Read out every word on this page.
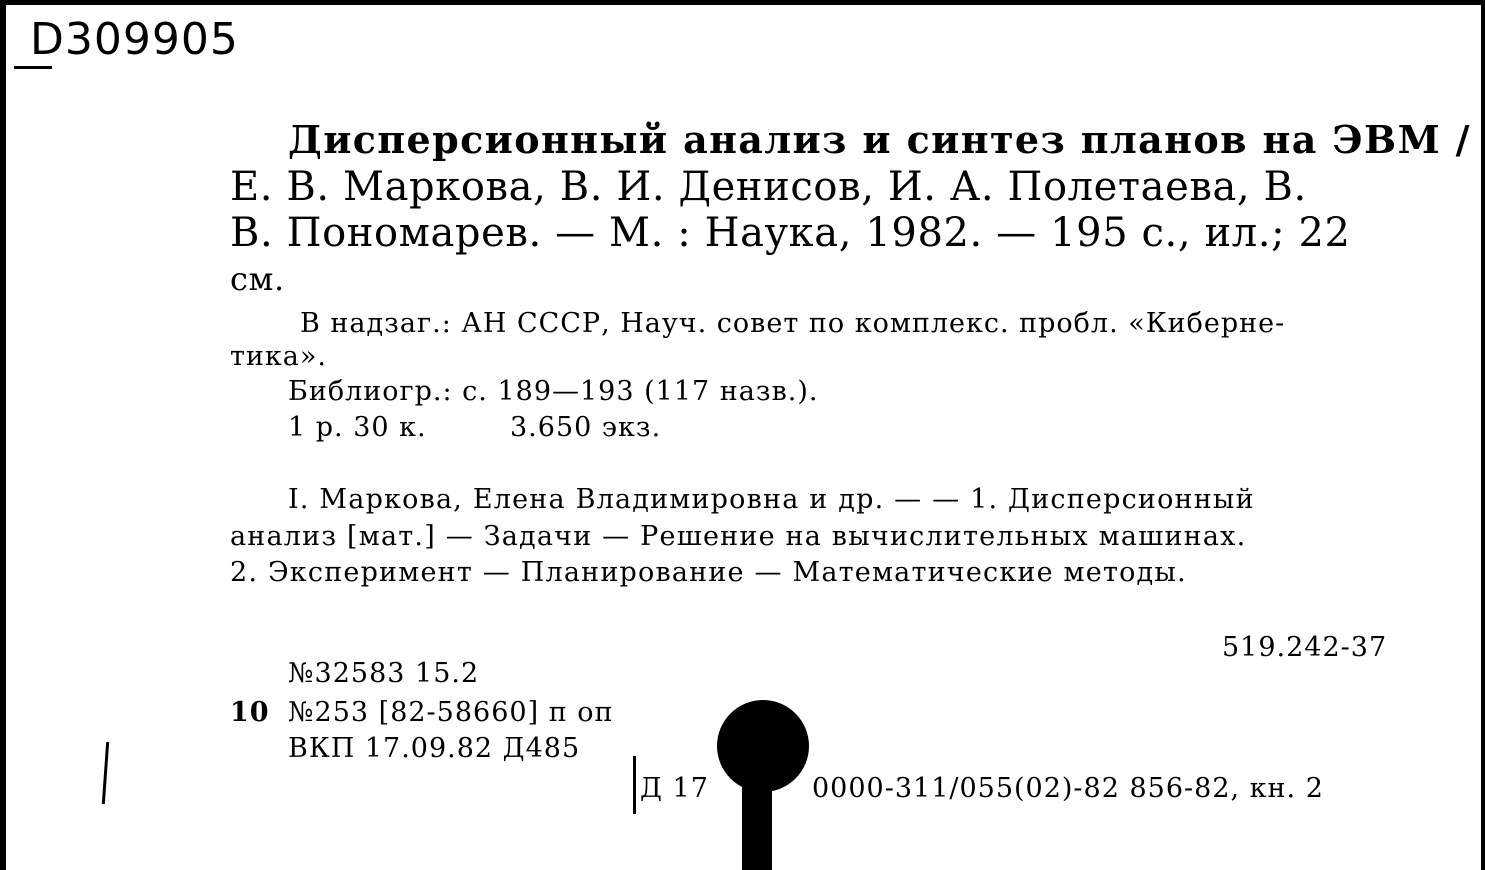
D309905
Дисперсионный анализ и синтез планов на ЭВМ /
Е. В. Маркова, В. И. Денисов, И. А. Полетаева, В.
В. Пономарев. — М. : Наука, 1982. — 195 с., ил.; 22
см.
В надзаг.: АН СССР, Науч. совет по комплекс. пробл. «Киберне-
тика».
Библиогр.: с. 189—193 (117 назв.).
1 р. 30 к.	3.650 экз.
I. Маркова, Елена Владимировна и др. — — 1. Дисперсионный
анализ [мат.] — Задачи — Решение на вычислительных машинах.
2. Эксперимент — Планирование — Математические методы.
519.242-37
№32583 15.2
10 №253 [82-58660] п оп
ВКП 17.09.82 Д485
Д 17	0000-311/055(02)-82 856-82, кн. 2
